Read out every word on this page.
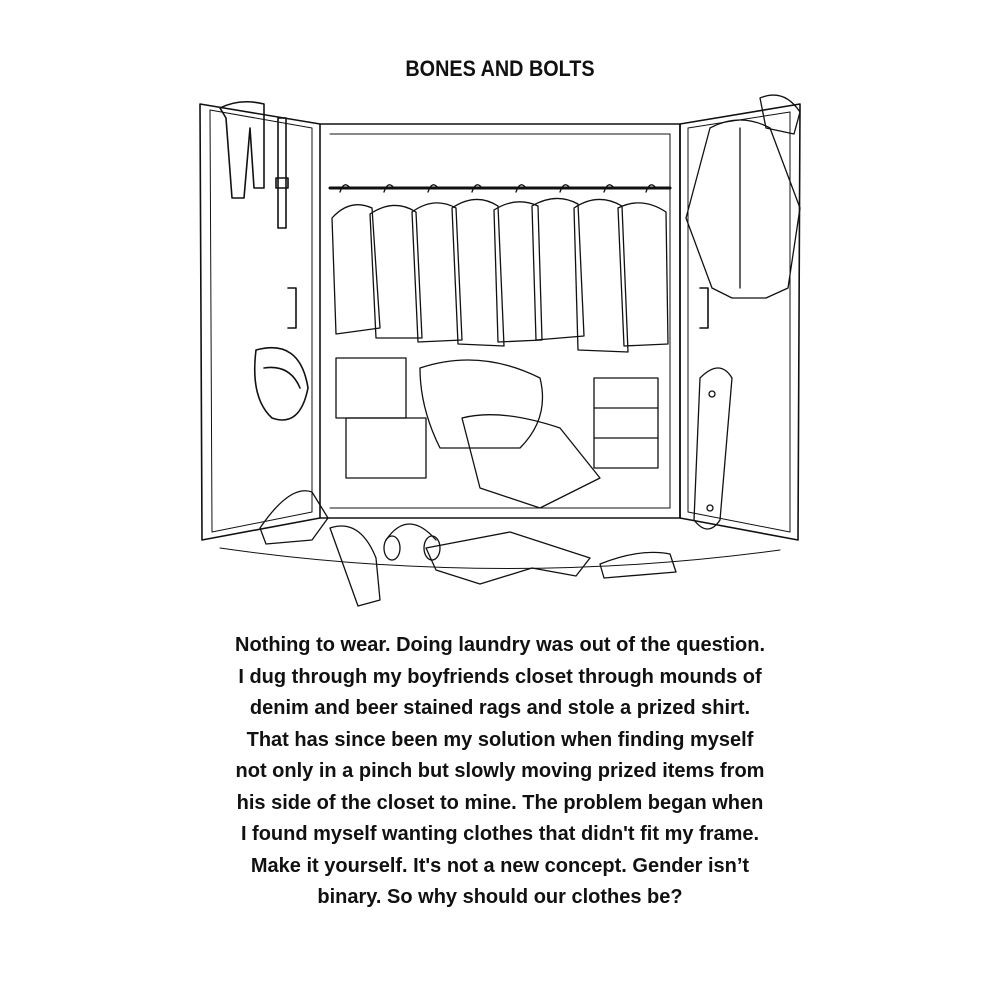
BONES AND BOLTS
Nothing to wear. Doing laundry was out of the question.
I dug through my boyfriends closet through mounds of
denim and beer stained rags and stole a prized shirt.
That has since been my solution when finding myself
not only in a pinch but slowly moving prized items from
his side of the closet to mine. The problem began when
I found myself wanting clothes that didn't fit my frame.
Make it yourself. It's not a new concept. Gender isn’t
binary. So why should our clothes be?
